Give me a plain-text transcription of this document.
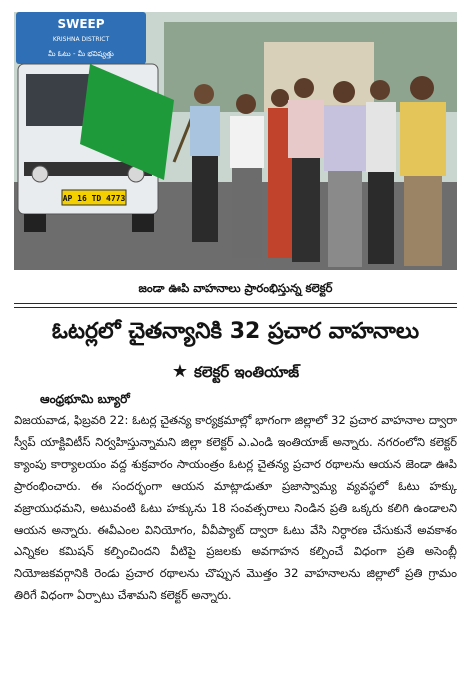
SWEEP
KRISHNA DISTRICT
మీ ఓటు - మీ భవిష్యత్తు
AP 16 TD 4773
జండా ఊపి వాహనాలు ప్రారంభిస్తున్న కలెక్టర్
ఓటర్లలో చైతన్యానికి 32 ప్రచార వాహనాలు
★ కలెక్టర్ ఇంతియాజ్
ఆంధ్రభూమి బ్యూరో
విజయవాడ, ఫిబ్రవరి 22: ఓటర్ల చైతన్య కార్యక్రమాల్లో భాగంగా జిల్లాలో 32 ప్రచార వాహనాల ద్వారా స్వీప్ యాక్టివిటీస్ నిర్వహిస్తున్నామని జిల్లా కలెక్టర్ ఎ.ఎండి ఇంతియాజ్ అన్నారు. నగరంలోని కలెక్టర్ క్యాంపు కార్యాలయం వద్ద శుక్రవారం సాయంత్రం ఓటర్ల చైతన్య ప్రచార రథాలను ఆయన జెండా ఊపి ప్రారంభించారు. ఈ సందర్భంగా ఆయన మాట్లాడుతూ ప్రజాస్వామ్య వ్యవస్థలో ఓటు హక్కు వజ్రాయుధమని, అటువంటి ఓటు హక్కును 18 సంవత్సరాలు నిండిన ప్రతి ఒక్కరు కలిగి ఉండాలని ఆయన అన్నారు. ఈవీఎంల వినియోగం, వీవీప్యాట్ ద్వారా ఓటు వేసి నిర్ధారణ చేసుకునే అవకాశం ఎన్నికల కమిషన్ కల్పించిందని వీటిపై ప్రజలకు అవగాహన కల్పించే విధంగా ప్రతి అసెంబ్లీ నియోజకవర్గానికి రెండు ప్రచార రథాలను చొప్పున మొత్తం 32 వాహనాలను జిల్లాలో ప్రతి గ్రామం తిరిగే విధంగా ఏర్పాటు చేశామని కలెక్టర్ అన్నారు.
